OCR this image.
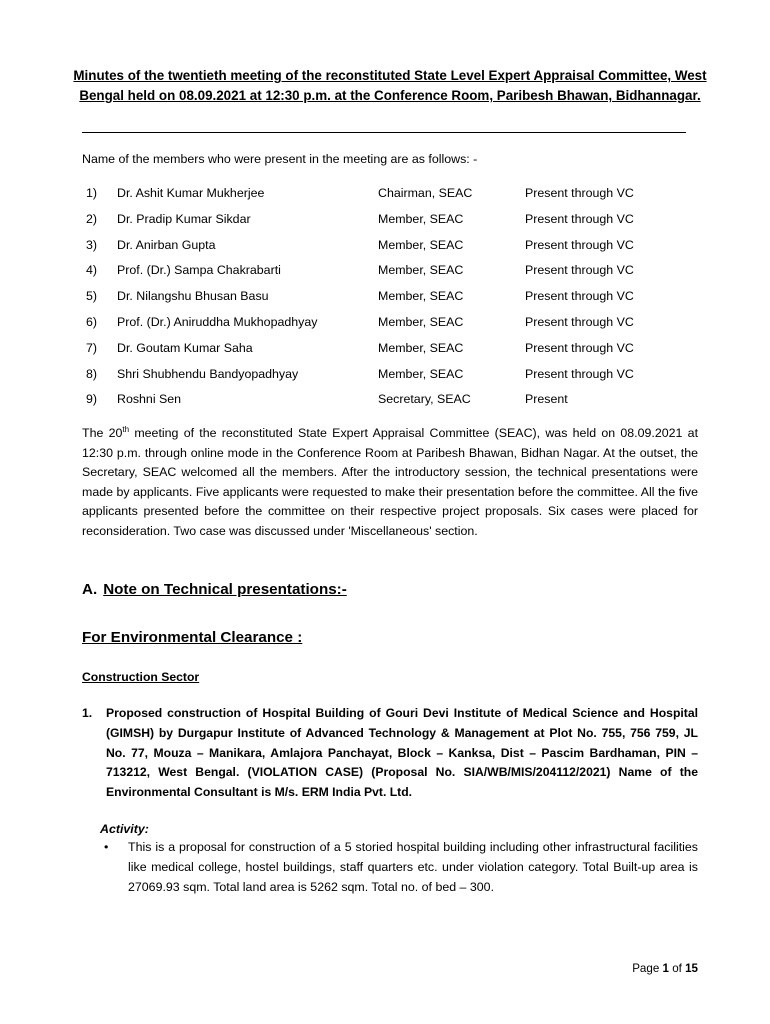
Minutes of the twentieth meeting of the reconstituted State Level Expert Appraisal Committee, West Bengal held on 08.09.2021 at 12:30 p.m. at the Conference Room, Paribesh Bhawan, Bidhannagar.
Name of the members who were present in the meeting are as follows: -
1) Dr. Ashit Kumar Mukherjee	Chairman, SEAC	Present through VC
2) Dr. Pradip Kumar Sikdar	Member, SEAC	Present through VC
3) Dr. Anirban Gupta	Member, SEAC	Present through VC
4) Prof. (Dr.) Sampa Chakrabarti	Member, SEAC	Present through VC
5) Dr. Nilangshu Bhusan Basu	Member, SEAC	Present through VC
6) Prof. (Dr.) Aniruddha Mukhopadhyay	Member, SEAC	Present through VC
7) Dr. Goutam Kumar Saha	Member, SEAC	Present through VC
8) Shri Shubhendu Bandyopadhyay	Member, SEAC	Present through VC
9) Roshni Sen	Secretary, SEAC	Present
The 20th meeting of the reconstituted State Expert Appraisal Committee (SEAC), was held on 08.09.2021 at 12:30 p.m. through online mode in the Conference Room at Paribesh Bhawan, Bidhan Nagar. At the outset, the Secretary, SEAC welcomed all the members. After the introductory session, the technical presentations were made by applicants. Five applicants were requested to make their presentation before the committee. All the five applicants presented before the committee on their respective project proposals. Six cases were placed for reconsideration. Two case was discussed under 'Miscellaneous' section.
A. Note on Technical presentations:-
For Environmental Clearance :
Construction Sector
1. Proposed construction of Hospital Building of Gouri Devi Institute of Medical Science and Hospital (GIMSH) by Durgapur Institute of Advanced Technology & Management at Plot No. 755, 756 759, JL No. 77, Mouza – Manikara, Amlajora Panchayat, Block – Kanksa, Dist – Pascim Bardhaman, PIN – 713212, West Bengal. (VIOLATION CASE) (Proposal No. SIA/WB/MIS/204112/2021) Name of the Environmental Consultant is M/s. ERM India Pvt. Ltd.
Activity:
• This is a proposal for construction of a 5 storied hospital building including other infrastructural facilities like medical college, hostel buildings, staff quarters etc. under violation category. Total Built-up area is 27069.93 sqm. Total land area is 5262 sqm. Total no. of bed – 300.
Page 1 of 15
